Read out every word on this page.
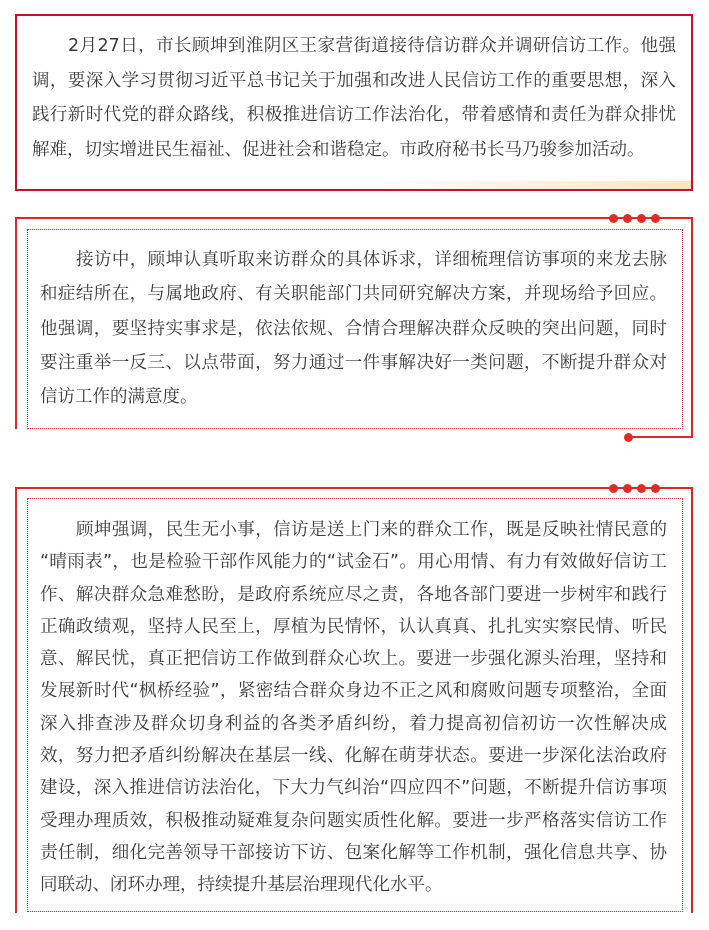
2月27日，市长顾坤到淮阴区王家营街道接待信访群众并调研信访工作。他强
调，要深入学习贯彻习近平总书记关于加强和改进人民信访工作的重要思想，深入
践行新时代党的群众路线，积极推进信访工作法治化，带着感情和责任为群众排忧
解难，切实增进民生福祉、促进社会和谐稳定。市政府秘书长马乃骏参加活动。
接访中，顾坤认真听取来访群众的具体诉求，详细梳理信访事项的来龙去脉
和症结所在，与属地政府、有关职能部门共同研究解决方案，并现场给予回应。
他强调，要坚持实事求是，依法依规、合情合理解决群众反映的突出问题，同时
要注重举一反三、以点带面，努力通过一件事解决好一类问题，不断提升群众对
信访工作的满意度。
顾坤强调，民生无小事，信访是送上门来的群众工作，既是反映社情民意的
“晴雨表”，也是检验干部作风能力的“试金石”。用心用情、有力有效做好信访工
作、解决群众急难愁盼，是政府系统应尽之责，各地各部门要进一步树牢和践行
正确政绩观，坚持人民至上，厚植为民情怀，认认真真、扎扎实实察民情、听民
意、解民忧，真正把信访工作做到群众心坎上。要进一步强化源头治理，坚持和
发展新时代“枫桥经验”，紧密结合群众身边不正之风和腐败问题专项整治，全面
深入排查涉及群众切身利益的各类矛盾纠纷，着力提高初信初访一次性解决成
效，努力把矛盾纠纷解决在基层一线、化解在萌芽状态。要进一步深化法治政府
建设，深入推进信访法治化，下大力气纠治“四应四不”问题，不断提升信访事项
受理办理质效，积极推动疑难复杂问题实质性化解。要进一步严格落实信访工作
责任制，细化完善领导干部接访下访、包案化解等工作机制，强化信息共享、协
同联动、闭环办理，持续提升基层治理现代化水平。
